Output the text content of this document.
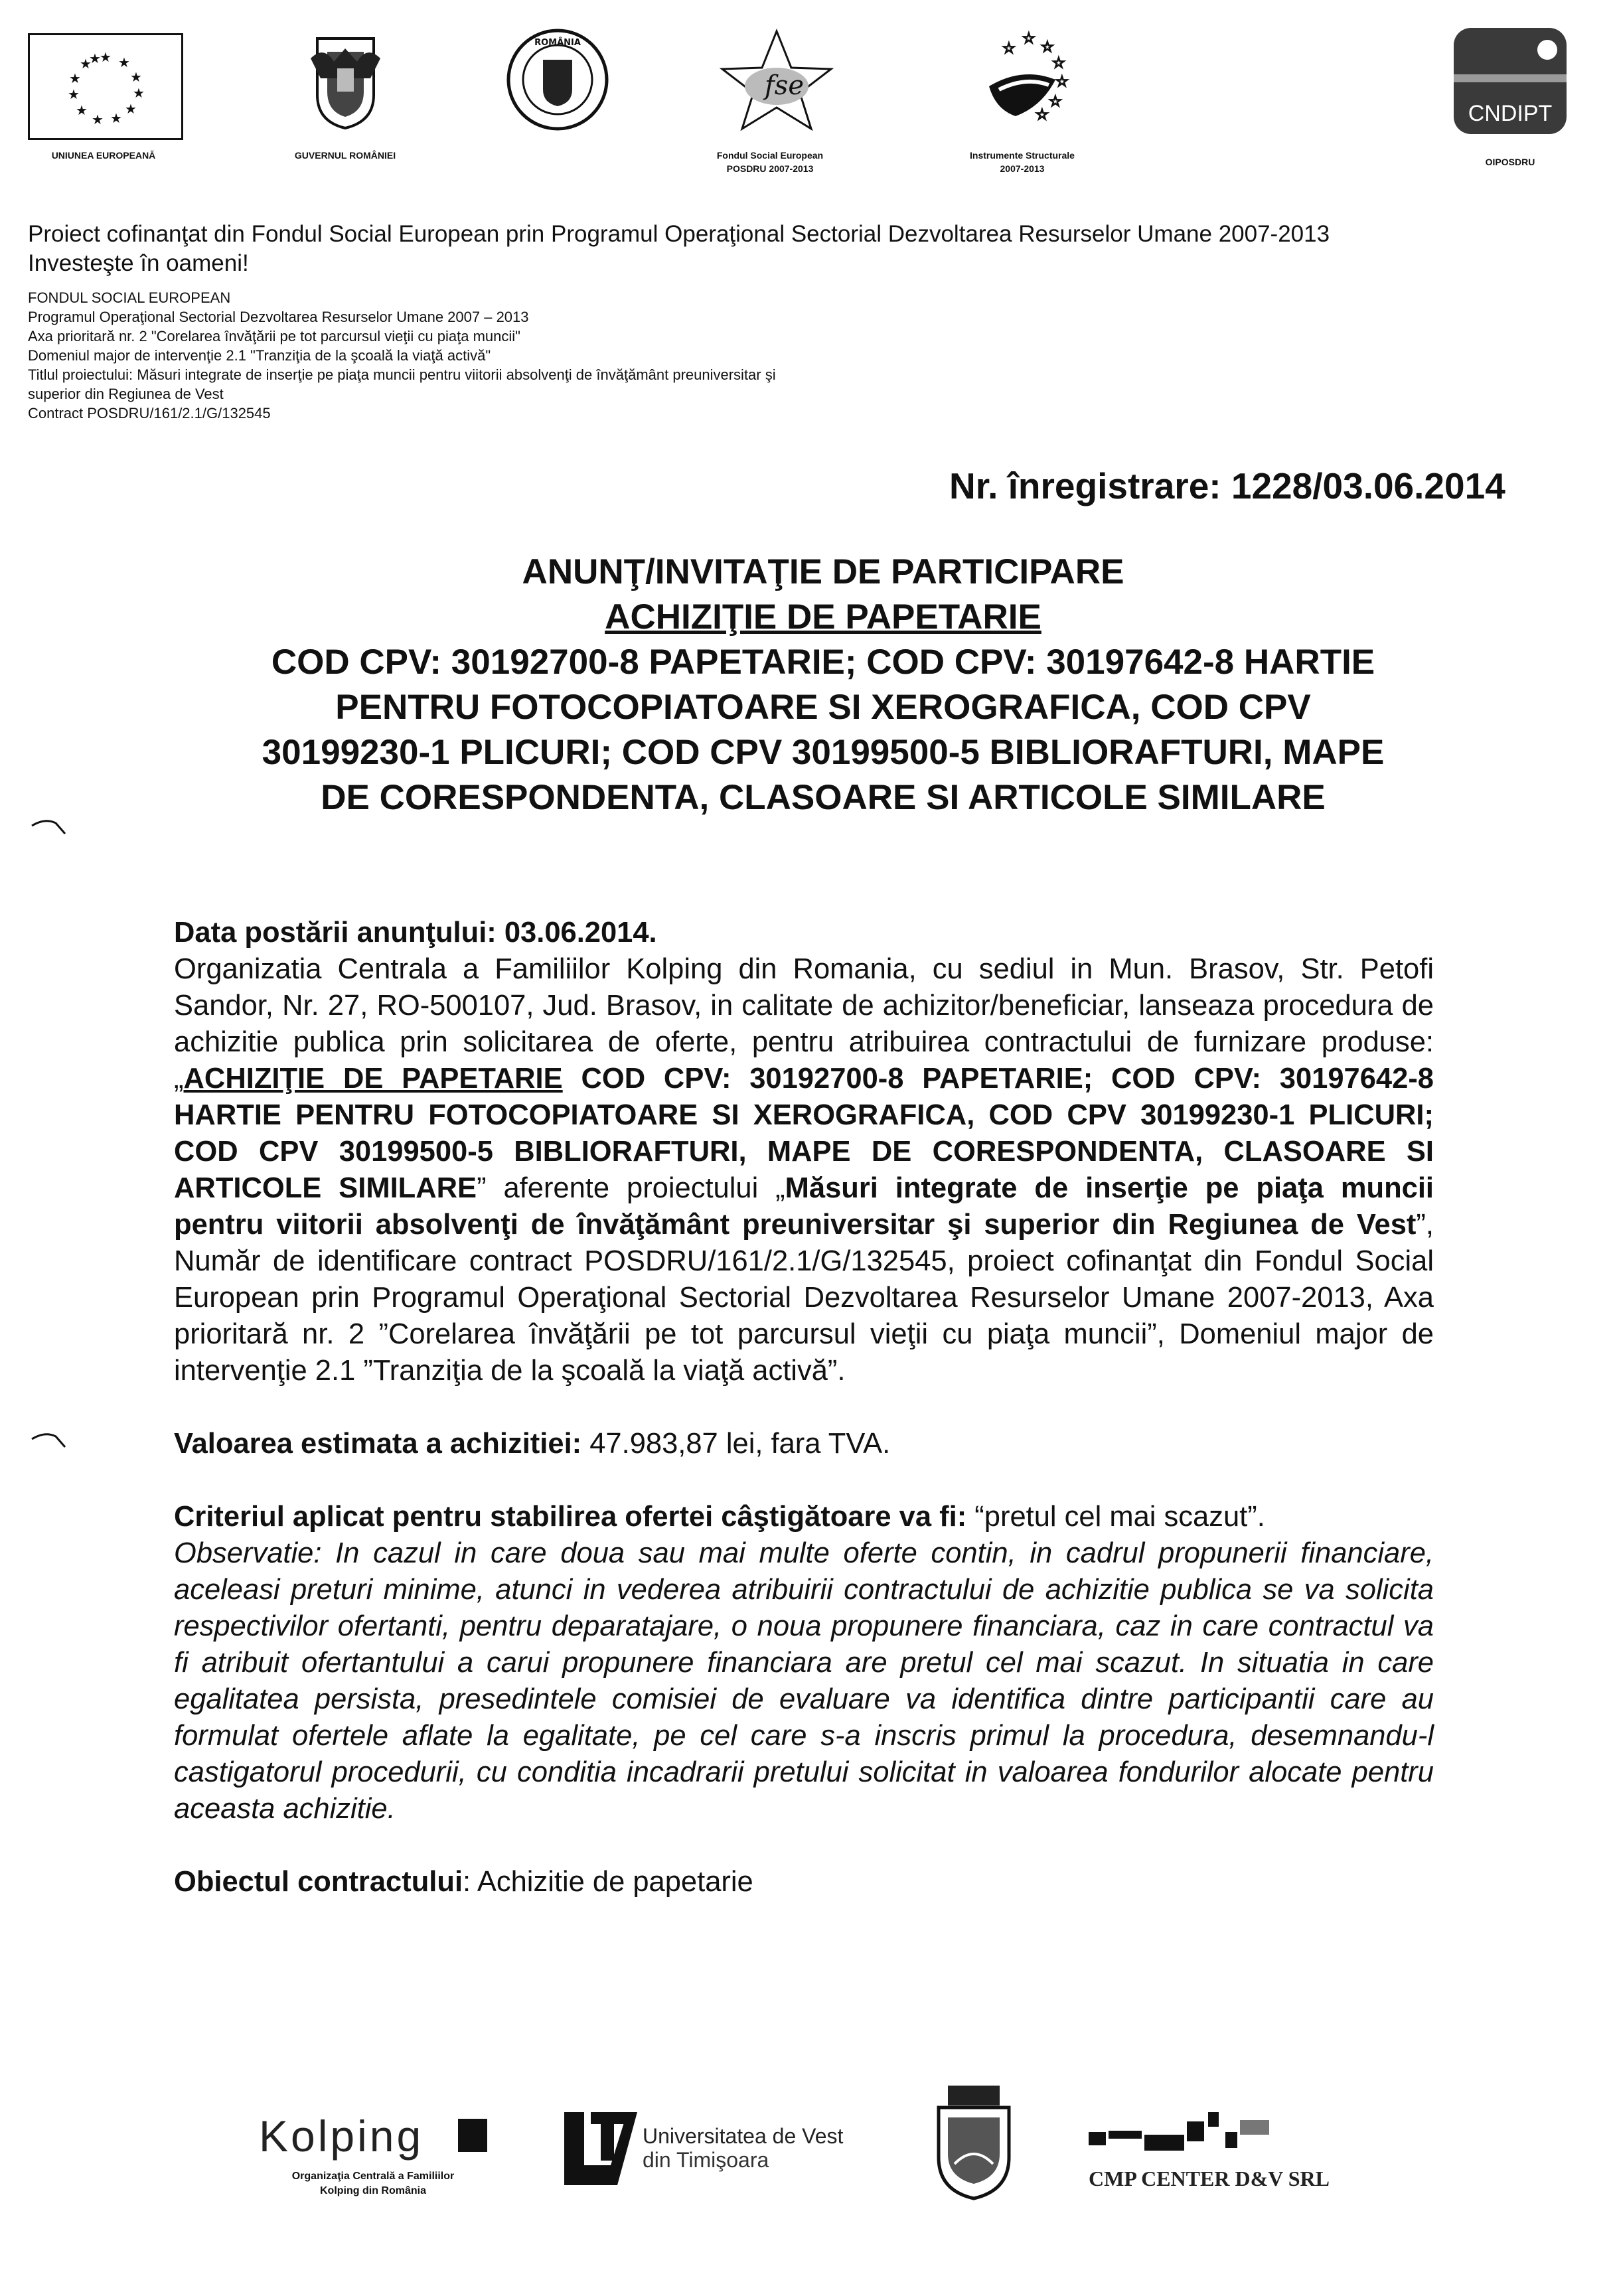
★ ★
★
★
★
★
★
★
★
★
★
★
UNIUNEA EUROPEANĂ	GUVERNUL ROMÂNIEI
ROMÂNIA
fse
Fondul Social European
POSDRU 2007-2013
☆
☆
☆
☆
☆
☆
☆
Instrumente Structurale
2007-2013
CNDIPT
OIPOSDRU
Proiect cofinanţat din Fondul Social European prin Programul Operaţional Sectorial Dezvoltarea Resurselor Umane 2007-2013
Investeşte în oameni!
FONDUL SOCIAL EUROPEAN
Programul Operaţional Sectorial Dezvoltarea Resurselor Umane 2007 – 2013
Axa prioritară nr. 2 "Corelarea învăţării pe tot parcursul vieţii cu piaţa muncii"
Domeniul major de intervenţie 2.1 "Tranziţia de la şcoală la viaţă activă"
Titlul proiectului: Măsuri integrate de inserţie pe piaţa muncii pentru viitorii absolvenţi de învăţământ preuniversitar şi
superior din Regiunea de Vest
Contract POSDRU/161/2.1/G/132545
Nr. înregistrare: 1228/03.06.2014
ANUNŢ/INVITAŢIE DE PARTICIPARE
ACHIZIŢIE DE PAPETARIE
COD CPV: 30192700-8 PAPETARIE; COD CPV: 30197642-8 HARTIE
PENTRU FOTOCOPIATOARE SI XEROGRAFICA, COD CPV
30199230-1 PLICURI; COD CPV 30199500-5 BIBLIORAFTURI, MAPE
DE CORESPONDENTA, CLASOARE SI ARTICOLE SIMILARE

Data postării anunţului: 03.06.2014.

Organizatia Centrala a Familiilor Kolping din Romania, cu sediul in Mun. Brasov, Str. Petofi Sandor, Nr. 27, RO-500107, Jud. Brasov, in calitate de achizitor/beneficiar, lanseaza procedura de achizitie publica prin solicitarea de oferte, pentru atribuirea contractului de furnizare produse: „ACHIZIŢIE DE PAPETARIE COD CPV: 30192700-8 PAPETARIE; COD CPV: 30197642-8 HARTIE PENTRU FOTOCOPIATOARE SI XEROGRAFICA, COD CPV 30199230-1 PLICURI; COD CPV 30199500-5 BIBLIORAFTURI, MAPE DE CORESPONDENTA, CLASOARE SI ARTICOLE SIMILARE” aferente proiectului „Măsuri integrate de inserţie pe piaţa muncii pentru viitorii absolvenţi de învăţământ preuniversitar şi superior din Regiunea de Vest”, Număr de identificare contract POSDRU/161/2.1/G/132545, proiect cofinanţat din Fondul Social European prin Programul Operaţional Sectorial Dezvoltarea Resurselor Umane 2007-2013, Axa prioritară nr. 2 ”Corelarea învăţării pe tot parcursul vieţii cu piaţa muncii”, Domeniul major de intervenţie 2.1 ”Tranziţia de la şcoală la viaţă activă”.

Valoarea estimata a achizitiei: 47.983,87 lei, fara TVA.

Criteriul aplicat pentru stabilirea ofertei câştigătoare va fi: “pretul cel mai scazut”.

Observatie: In cazul in care doua sau mai multe oferte contin, in cadrul propunerii financiare, aceleasi preturi minime, atunci in vederea atribuirii contractului de achizitie publica se va solicita respectivilor ofertanti, pentru deparatajare, o noua propunere financiara, caz in care contractul va fi atribuit ofertantului a carui propunere financiara are pretul cel mai scazut. In situatia in care egalitatea persista, presedintele comisiei de evaluare va identifica dintre participantii care au formulat ofertele aflate la egalitate, pe cel care s-a inscris primul la procedura, desemnandu-l castigatorul procedurii, cu conditia incadrarii pretului solicitat in valoarea fondurilor alocate pentru aceasta achizitie.

Obiectul contractului: Achizitie de papetarie

Kolping
Organizaţia Centrală a Familiilor
Kolping din România
Universitatea de Vest
din Timişoara
CMP CENTER D&V SRL
